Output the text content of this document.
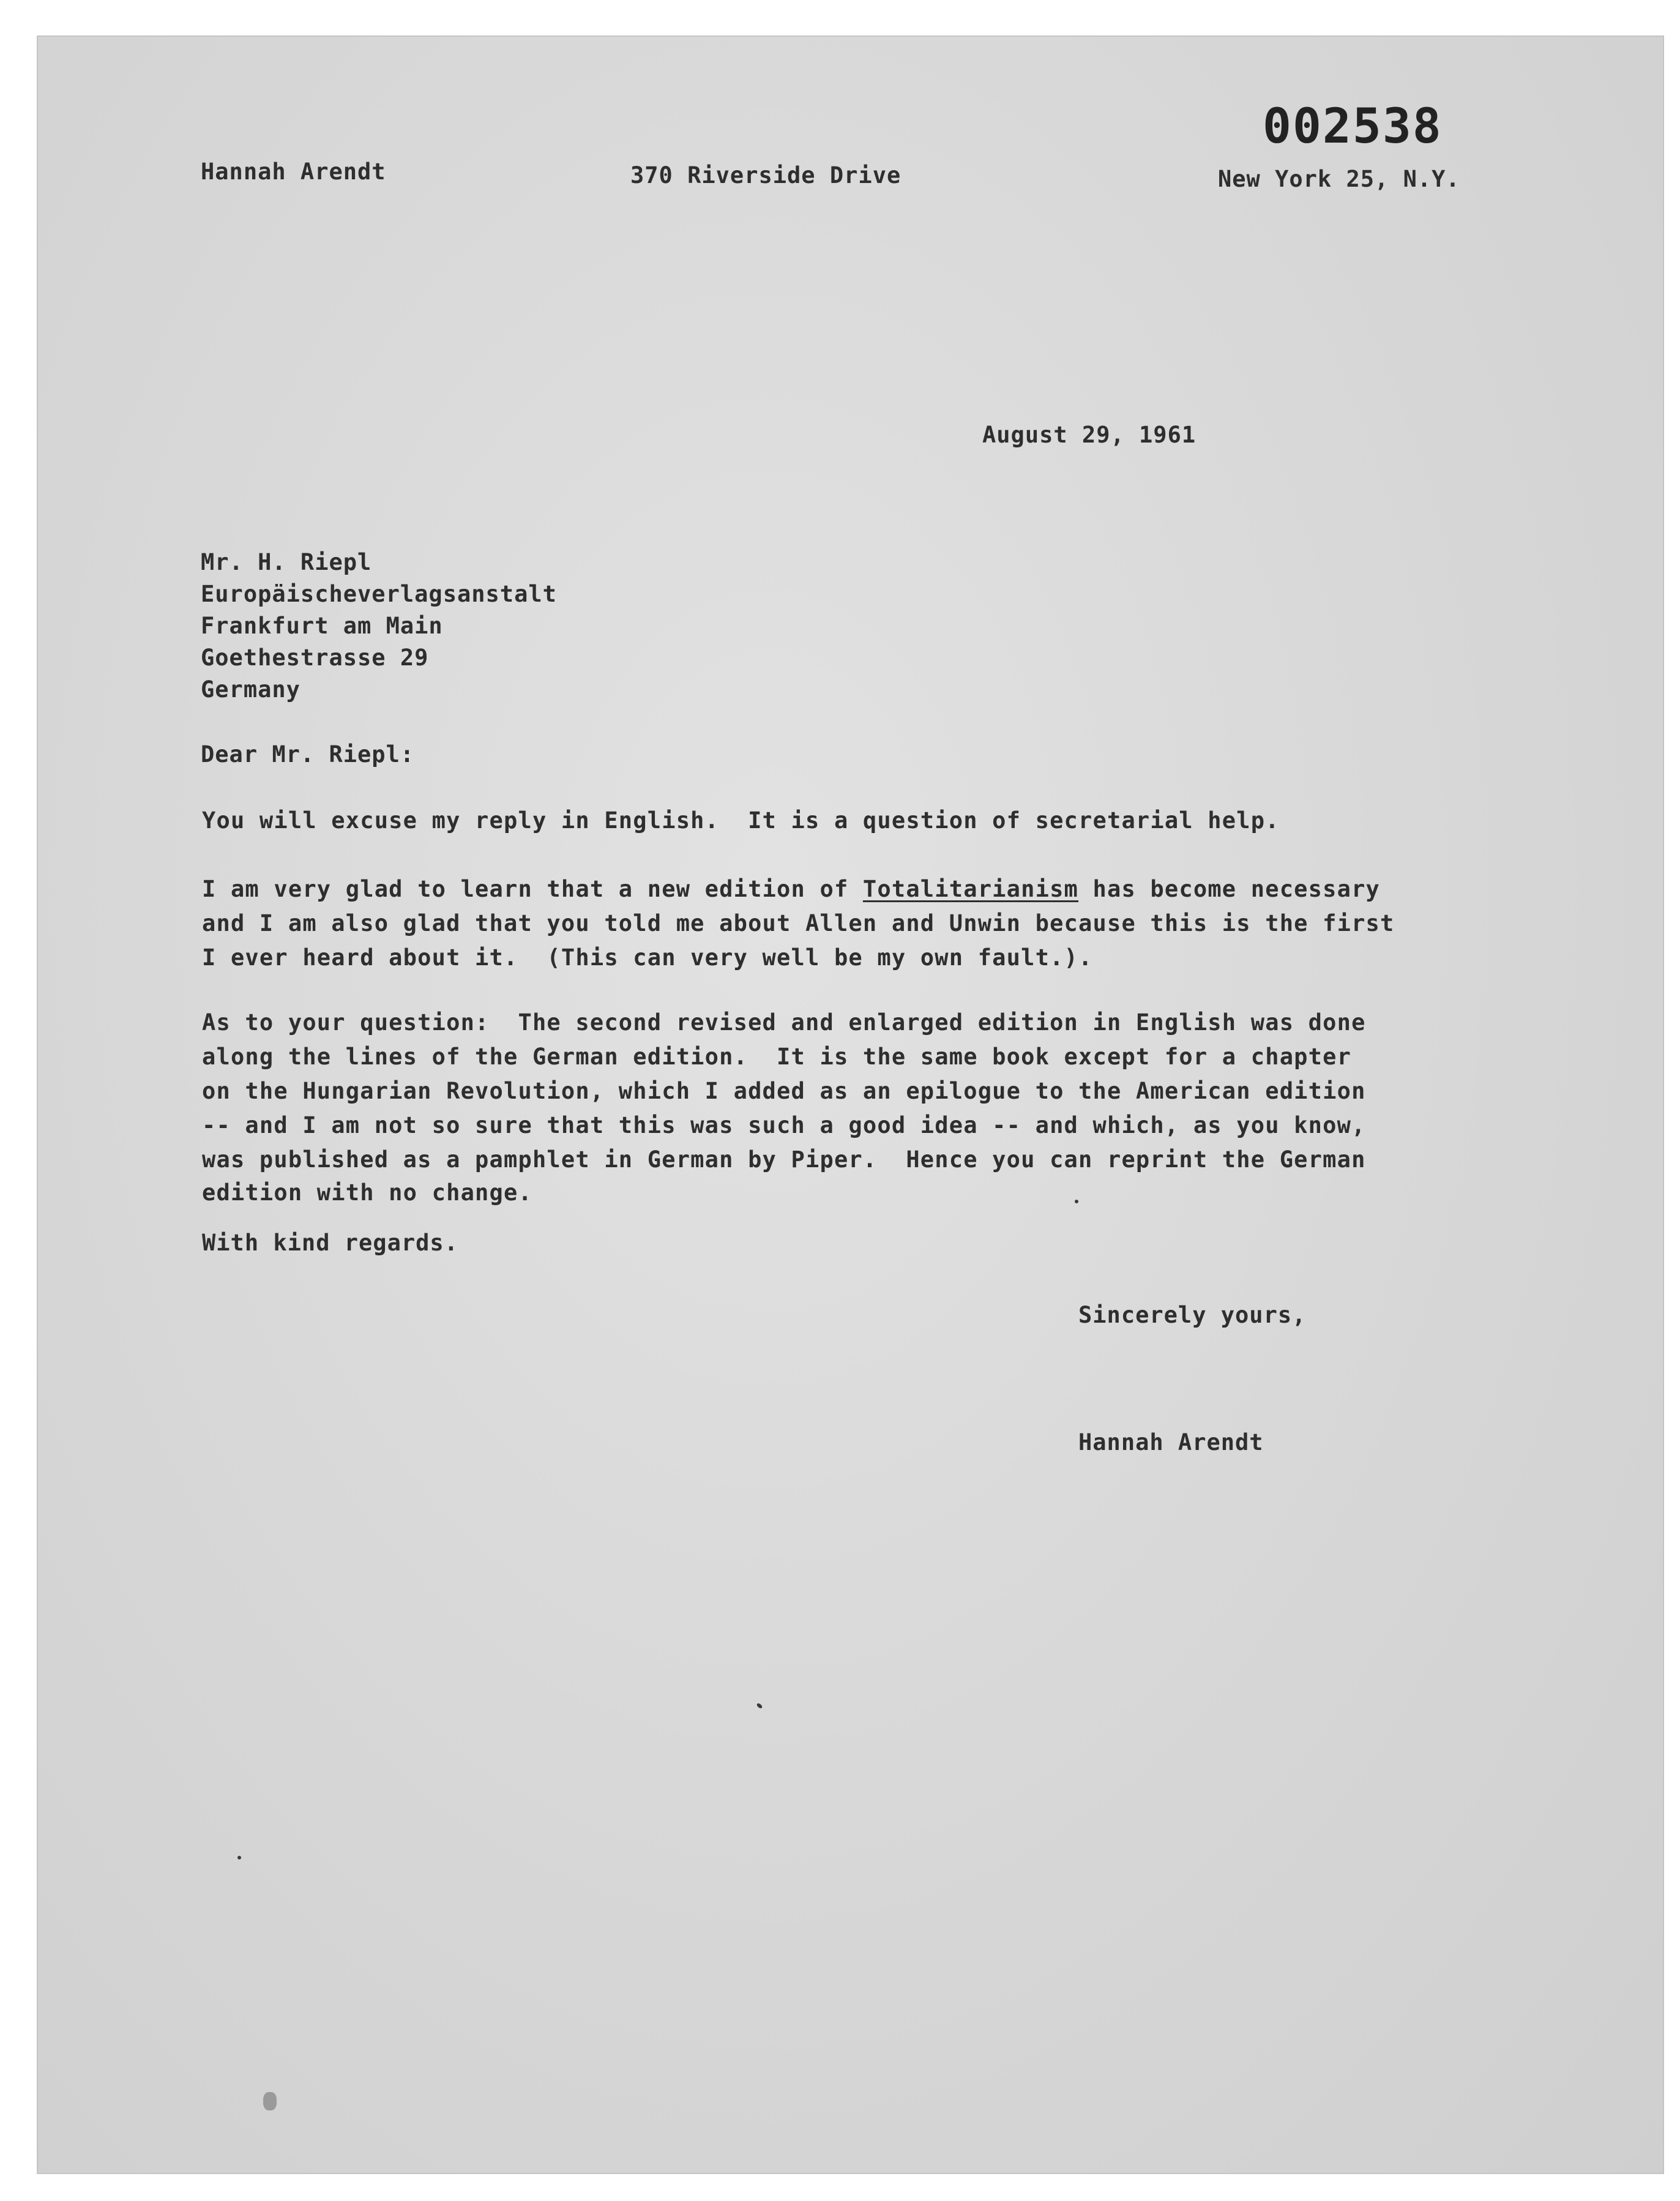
Hannah Arendt	370 Riverside Drive	New York 25, N.Y.
002538
August 29, 1961
Mr. H. Riepl
Europäischeverlagsanstalt
Frankfurt am Main
Goethestrasse 29
Germany
Dear Mr. Riepl:
You will excuse my reply in English.  It is a question of secretarial help.
I am very glad to learn that a new edition of Totalitarianism has become necessary
and I am also glad that you told me about Allen and Unwin because this is the first
I ever heard about it.  (This can very well be my own fault.).
As to your question:  The second revised and enlarged edition in English was done
along the lines of the German edition.  It is the same book except for a chapter
on the Hungarian Revolution, which I added as an epilogue to the American edition
-- and I am not so sure that this was such a good idea -- and which, as you know,
was published as a pamphlet in German by Piper.  Hence you can reprint the German
edition with no change.
With kind regards.
Sincerely yours,
Hannah Arendt
